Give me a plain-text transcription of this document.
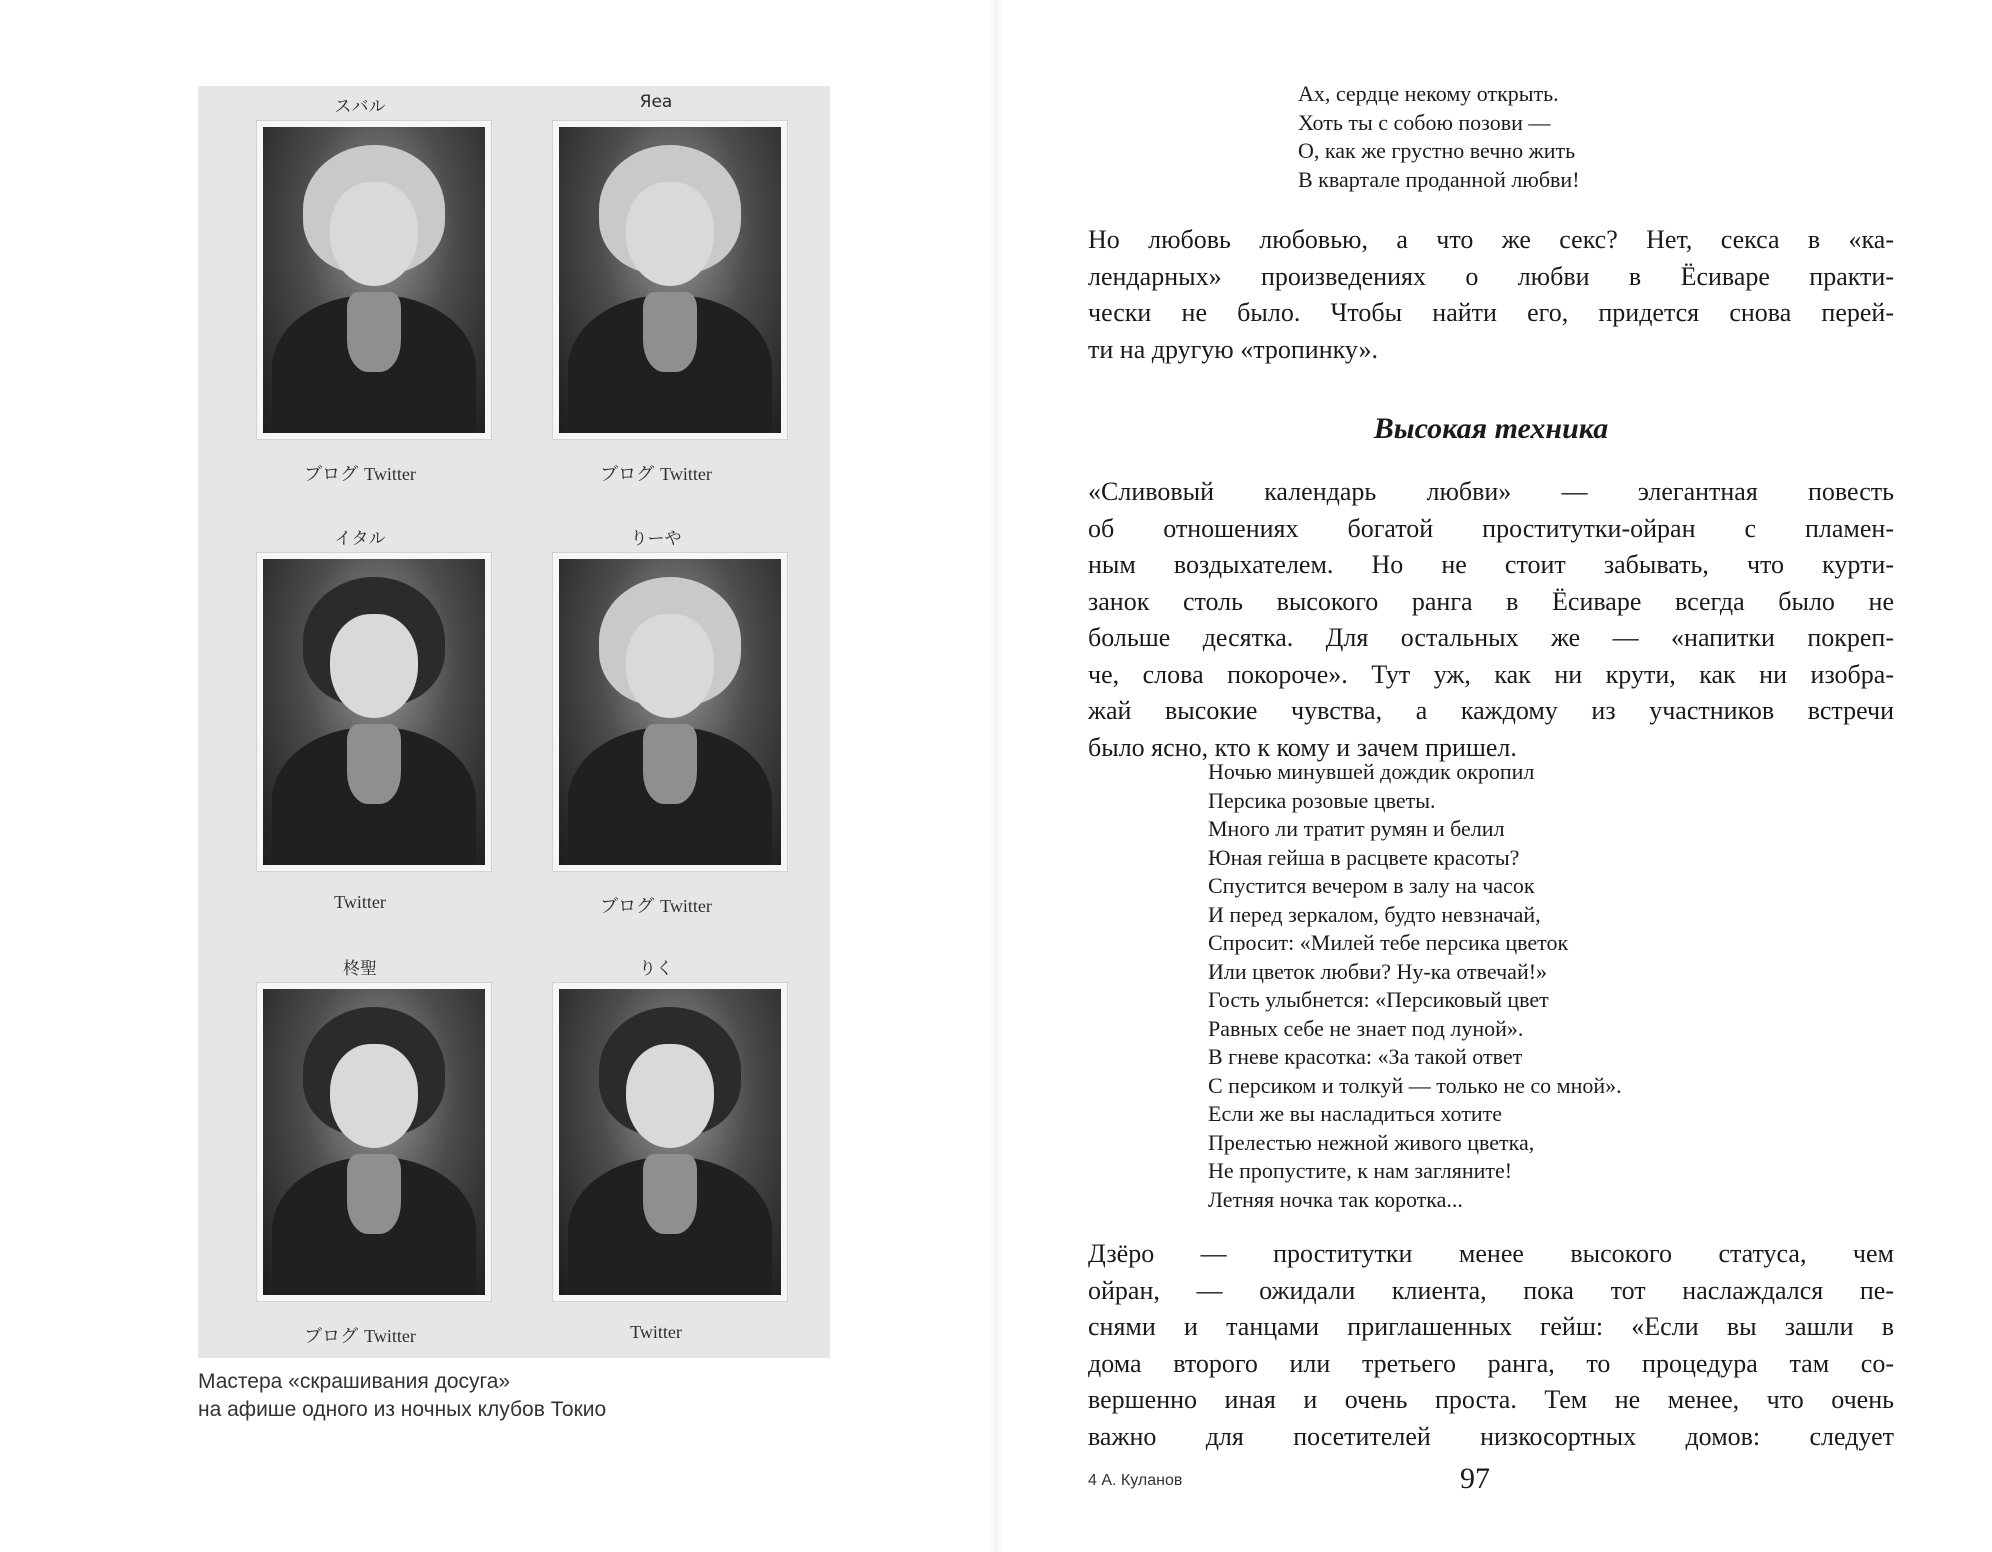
スバル
ブログ Twitter
Яеа
ブログ Twitter
イタル
Twitter
りーや
ブログ Twitter
柊聖
ブログ Twitter
りく
Twitter
Мастера «скрашивания досуга»
на афише одного из ночных клубов Токио
Ах, сердце некому открыть.
Хоть ты с собою позови —
О, как же грустно вечно жить
В квартале проданной любви!
Но любовь любовью, а что же секс? Нет, секса в «ка-
лендарных» произведениях о любви в Ёсиваре практи-
чески не было. Чтобы найти его, придется снова перей-
ти на другую «тропинку».
Высокая техника
«Сливовый календарь любви» — элегантная повесть
об отношениях богатой проститутки-ойран с пламен-
ным воздыхателем. Но не стоит забывать, что курти-
занок столь высокого ранга в Ёсиваре всегда было не
больше десятка. Для остальных же — «напитки покреп-
че, слова покороче». Тут уж, как ни крути, как ни изобра-
жай высокие чувства, а каждому из участников встречи
было ясно, кто к кому и зачем пришел.
Ночью минувшей дождик окропил
Персика розовые цветы.
Много ли тратит румян и белил
Юная гейша в расцвете красоты?
Спустится вечером в залу на часок
И перед зеркалом, будто невзначай,
Спросит: «Милей тебе персика цветок
Или цветок любви? Ну-ка отвечай!»
Гость улыбнется: «Персиковый цвет
Равных себе не знает под луной».
В гневе красотка: «За такой ответ
С персиком и толкуй — только не со мной».
Если же вы насладиться хотите
Прелестью нежной живого цветка,
Не пропустите, к нам загляните!
Летняя ночка так коротка...
Дзёро — проститутки менее высокого статуса, чем
ойран, — ожидали клиента, пока тот наслаждался пе-
снями и танцами приглашенных гейш: «Если вы зашли в
дома второго или третьего ранга, то процедура там со-
вершенно иная и очень проста. Тем не менее, что очень
важно для посетителей низкосортных домов: следует
4 А. Куланов	97
